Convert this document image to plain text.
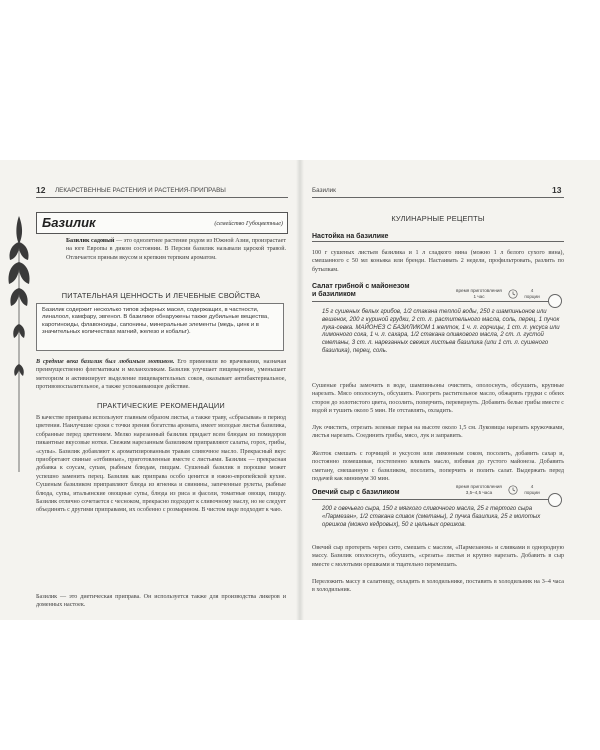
12 ЛЕКАРСТВЕННЫЕ РАСТЕНИЯ И РАСТЕНИЯ-ПРИПРАВЫ
Базилик	(семейство Губоцветные)
Базилик садовый — это однолетнее растение родом из Южной Азии, произрастает на юге Европы в диком состоянии. В Персии базилик называли царской травой. Отличается пряным вкусом и крепким терпким ароматом.
ПИТАТЕЛЬНАЯ ЦЕННОСТЬ И ЛЕЧЕБНЫЕ СВОЙСТВА
Базилик содержит несколько типов эфирных масел, содержащих, в частности, линалоол, камфару, эвгенол. В базилике обнаружены также дубильные вещества, каротиноиды, флавоноиды, сапонины, минеральные элементы (медь, цинк и в значительных количествах магний, железо и кобальт).
В средние века базилик был любимым мотивом. Его применяли во врачевании, назначая преимущественно флегматикам и меланхоликам. Базилик улучшает пищеварение, уменьшает метеоризм и активизирует выделение пищеварительных соков, оказывает антибактериальное, противовоспалительное, а также успокаивающее действие.
ПРАКТИЧЕСКИЕ РЕКОМЕНДАЦИИ
В качестве приправы используют главным образом листья, а также траву, «сбрасывая» в период цветения. Наилучшие сроки с точки зрения богатства аромата, имеет молодые листья базилика, собранные перед цветением. Мелко нарезанный базилик придает всем блюдам из помидоров пикантные вкусовые нотки. Свежим нарезанным базиликом приправляют салаты, горох, грибы, «супы». Базилик добавляют к ароматизированным травам сливочное масло. Прекрасный вкус приобретают свиные «отбивные», приготовленные вместе с листьями. Базилик — прекрасная добавка к соусам, супам, рыбным блюдам, пиццам. Сушеный базилик в порошке может успешно заменить перец. Базилик как приправа особо ценится в южно-европейской кухне. Сушеным базиликом приправляют блюда из ягненка и свинины, запеченные рулеты, рыбные блюда, супы, итальянские овощные супы, блюда из риса и фасоли, томатные овощи, пиццу. Базилик отлично сочетается с чесноком, прекрасно подходит к сливочному маслу, но не следует объединять с другими приправами, их особенно с розмарином. В чистом виде подходит к чаю.
Базилик — это диетическая приправа. Он используется также для производства ликеров и доменных настоек.
Базилик	13
КУЛИНАРНЫЕ РЕЦЕПТЫ
Настойка на базилике
100 г сушеных листьев базилика и 1 л сладкого вина (можно 1 л белого сухого вина), смешанного с 50 мл коньяка или бренди. Настаивать 2 недели, профильтровать, разлить по бутылкам.
Салат грибной с майонезом
и базиликом
время приготовления
1 час
4
порции
15 г сушеных белых грибов, 1/2 стакана теплой воды, 250 г шампиньонов или вешенок, 200 г куриной грудки, 2 ст. л. растительного масла, соль, перец, 1 пучок лука-севка. МАЙОНЕЗ С БАЗИЛИКОМ 1 желток, 1 ч. л. горчицы, 1 ст. л. уксуса или лимонного сока, 1 ч. л. сахара, 1/2 стакана оливкового масла, 2 ст. л. густой сметаны, 3 ст. л. нарезанных свежих листьев базилика (или 1 ст. л. сушеного базилика), перец, соль.
Сушеные грибы замочить в воде, шампиньоны очистить, ополоснуть, обсушить, крупные нарезать. Мясо ополоснуть, обсушить. Разогреть растительное масло, обжарить грудки с обеих сторон до золотистого цвета, посолить, поперчить, перевернуть. Добавить белые грибы вместе с водой и тушить около 5 мин. Не отставлять, охладить.
Лук очистить, отрезать зеленые перья на высоте около 1,5 см. Луковицы нарезать кружочками, листья нарезать. Соединить грибы, мясо, лук и заправить.
Желток смешать с горчицей и уксусом или лимонным соком, посолить, добавить сахар и, постоянно помешивая, постепенно вливать масло, взбивая до густого майонеза. Добавить сметану, смешанную с базиликом, посолить, поперчить и полить салат. Выдержать перед подачей как минимум 30 мин.
Овечий сыр с базиликом
время приготовления
3,5–4,5 часа
4
порции
200 г овечьего сыра, 150 г мягкого сливочного масла, 25 г тертого сыра «Пармезан», 1/2 стакана сливок (сметаны), 2 пучка базилика, 25 г молотых орешков (можно кедровых), 50 г цельных орешков.
Овечий сыр протереть через сито, смешать с маслом, «Пармезаном» и сливками в однородную массу. Базилик ополоснуть, обсушить, «срезать» листья и крупно нарезать. Добавить в сыр вместе с молотыми орешками и тщательно перемешать.
Переложить массу в салатницу, охладить в холодильнике, поставить в холодильник на 3–4 часа в холодильник.
